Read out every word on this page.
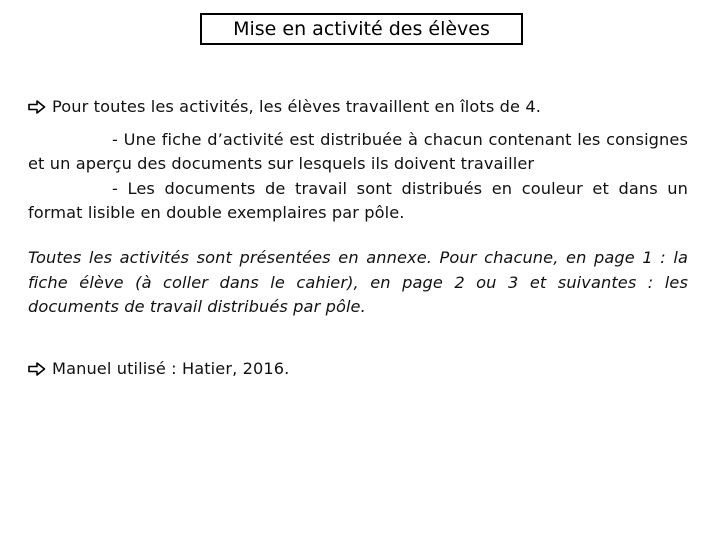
Mise en activité des élèves
Pour toutes les activités, les élèves travaillent en îlots de 4.

- Une fiche d’activité est distribuée à chacun contenant les consignes et un aperçu des documents sur lesquels ils doivent travailler

- Les documents de travail sont distribués en couleur et dans un format lisible en double exemplaires par pôle.

Toutes les activités sont présentées en annexe. Pour chacune, en page 1 : la fiche élève (à coller dans le cahier), en page 2 ou 3 et suivantes : les documents de travail distribués par pôle.
Manuel utilisé : Hatier, 2016.
